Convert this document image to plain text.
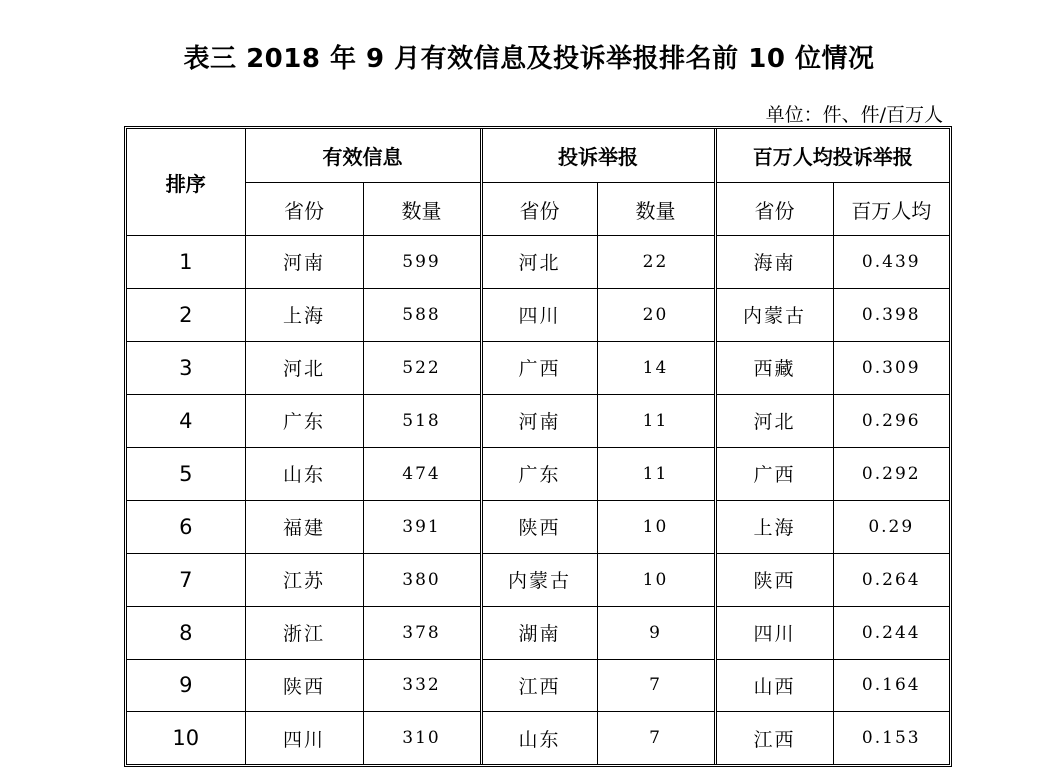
表三 2018 年 9 月有效信息及投诉举报排名前 10 位情况
单位：件、件/百万人
排序	有效信息		投诉举报		百万人均投诉举报	
	省份	数量	省份	数量	省份	百万人均
1	河南	599	河北	22	海南	0.439
2	上海	588	四川	20	内蒙古	0.398
3	河北	522	广西	14	西藏	0.309
4	广东	518	河南	11	河北	0.296
5	山东	474	广东	11	广西	0.292
6	福建	391	陕西	10	上海	0.29
7	江苏	380	内蒙古	10	陕西	0.264
8	浙江	378	湖南	9	四川	0.244
9	陕西	332	江西	7	山西	0.164
10	四川	310	山东	7	江西	0.153
